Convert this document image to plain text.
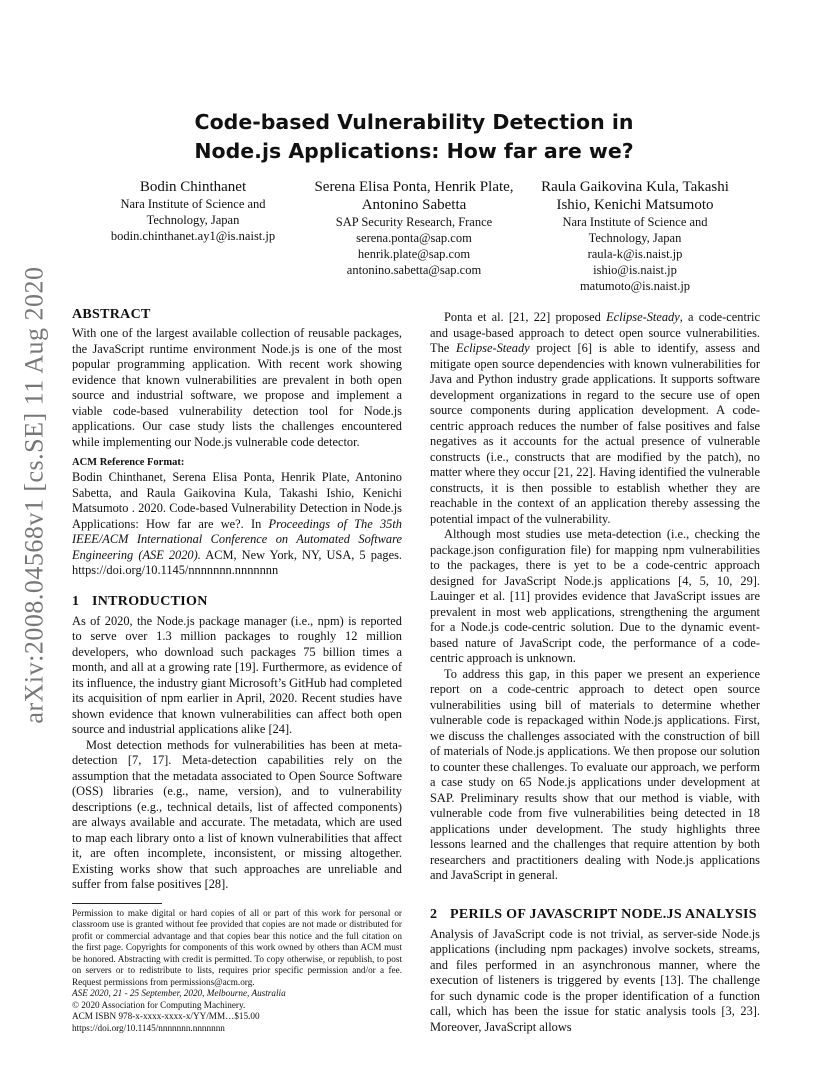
arXiv:2008.04568v1 [cs.SE] 11 Aug 2020
Code-based Vulnerability Detection in
Node.js Applications: How far are we?
Bodin Chinthanet
Nara Institute of Science and
Technology, Japan
bodin.chinthanet.ay1@is.naist.jp
Serena Elisa Ponta, Henrik Plate, Antonino Sabetta
SAP Security Research, France
serena.ponta@sap.com
henrik.plate@sap.com
antonino.sabetta@sap.com
Raula Gaikovina Kula, Takashi Ishio, Kenichi Matsumoto
Nara Institute of Science and
Technology, Japan
raula-k@is.naist.jp
ishio@is.naist.jp
matumoto@is.naist.jp
ABSTRACT

With one of the largest available collection of reusable packages, the JavaScript runtime environment Node.js is one of the most popular programming application. With recent work showing evidence that known vulnerabilities are prevalent in both open source and industrial software, we propose and implement a viable code-based vulnerability detection tool for Node.js applications. Our case study lists the challenges encountered while implementing our Node.js vulnerable code detector.

ACM Reference Format:

Bodin Chinthanet, Serena Elisa Ponta, Henrik Plate, Antonino Sabetta, and Raula Gaikovina Kula, Takashi Ishio, Kenichi Matsumoto . 2020. Code-based Vulnerability Detection in Node.js Applications: How far are we?. In Proceedings of The 35th IEEE/ACM International Conference on Automated Software Engineering (ASE 2020). ACM, New York, NY, USA, 5 pages. https://doi.org/10.1145/nnnnnnn.nnnnnnn

1 INTRODUCTION

As of 2020, the Node.js package manager (i.e., npm) is reported to serve over 1.3 million packages to roughly 12 million developers, who download such packages 75 billion times a month, and all at a growing rate [19]. Furthermore, as evidence of its influence, the industry giant Microsoft’s GitHub had completed its acquisition of npm earlier in April, 2020. Recent studies have shown evidence that known vulnerabilities can affect both open source and industrial applications alike [24].

Most detection methods for vulnerabilities has been at meta-detection [7, 17]. Meta-detection capabilities rely on the assumption that the metadata associated to Open Source Software (OSS) libraries (e.g., name, version), and to vulnerability descriptions (e.g., technical details, list of affected components) are always available and accurate. The metadata, which are used to map each library onto a list of known vulnerabilities that affect it, are often incomplete, inconsistent, or missing altogether. Existing works show that such approaches are unreliable and suffer from false positives [28].

Permission to make digital or hard copies of all or part of this work for personal or classroom use is granted without fee provided that copies are not made or distributed for profit or commercial advantage and that copies bear this notice and the full citation on the first page. Copyrights for components of this work owned by others than ACM must be honored. Abstracting with credit is permitted. To copy otherwise, or republish, to post on servers or to redistribute to lists, requires prior specific permission and/or a fee. Request permissions from permissions@acm.org.

ASE 2020, 21 - 25 September, 2020, Melbourne, Australia

© 2020 Association for Computing Machinery.

ACM ISBN 978-x-xxxx-xxxx-x/YY/MM…$15.00

https://doi.org/10.1145/nnnnnnn.nnnnnnn

Ponta et al. [21, 22] proposed Eclipse-Steady, a code-centric and usage-based approach to detect open source vulnerabilities. The Eclipse-Steady project [6] is able to identify, assess and mitigate open source dependencies with known vulnerabilities for Java and Python industry grade applications. It supports software development organizations in regard to the secure use of open source components during application development. A code-centric approach reduces the number of false positives and false negatives as it accounts for the actual presence of vulnerable constructs (i.e., constructs that are modified by the patch), no matter where they occur [21, 22]. Having identified the vulnerable constructs, it is then possible to establish whether they are reachable in the context of an application thereby assessing the potential impact of the vulnerability.

Although most studies use meta-detection (i.e., checking the package.json configuration file) for mapping npm vulnerabilities to the packages, there is yet to be a code-centric approach designed for JavaScript Node.js applications [4, 5, 10, 29]. Lauinger et al. [11] provides evidence that JavaScript issues are prevalent in most web applications, strengthening the argument for a Node.js code-centric solution. Due to the dynamic event-based nature of JavaScript code, the performance of a code-centric approach is unknown.

To address this gap, in this paper we present an experience report on a code-centric approach to detect open source vulnerabilities using bill of materials to determine whether vulnerable code is repackaged within Node.js applications. First, we discuss the challenges associated with the construction of bill of materials of Node.js applications. We then propose our solution to counter these challenges. To evaluate our approach, we perform a case study on 65 Node.js applications under development at SAP. Preliminary results show that our method is viable, with vulnerable code from five vulnerabilities being detected in 18 applications under development. The study highlights three lessons learned and the challenges that require attention by both researchers and practitioners dealing with Node.js applications and JavaScript in general.

2 PERILS OF JAVASCRIPT NODE.JS ANALYSIS

Analysis of JavaScript code is not trivial, as server-side Node.js applications (including npm packages) involve sockets, streams, and files performed in an asynchronous manner, where the execution of listeners is triggered by events [13]. The challenge for such dynamic code is the proper identification of a function call, which has been the issue for static analysis tools [3, 23]. Moreover, JavaScript allows
